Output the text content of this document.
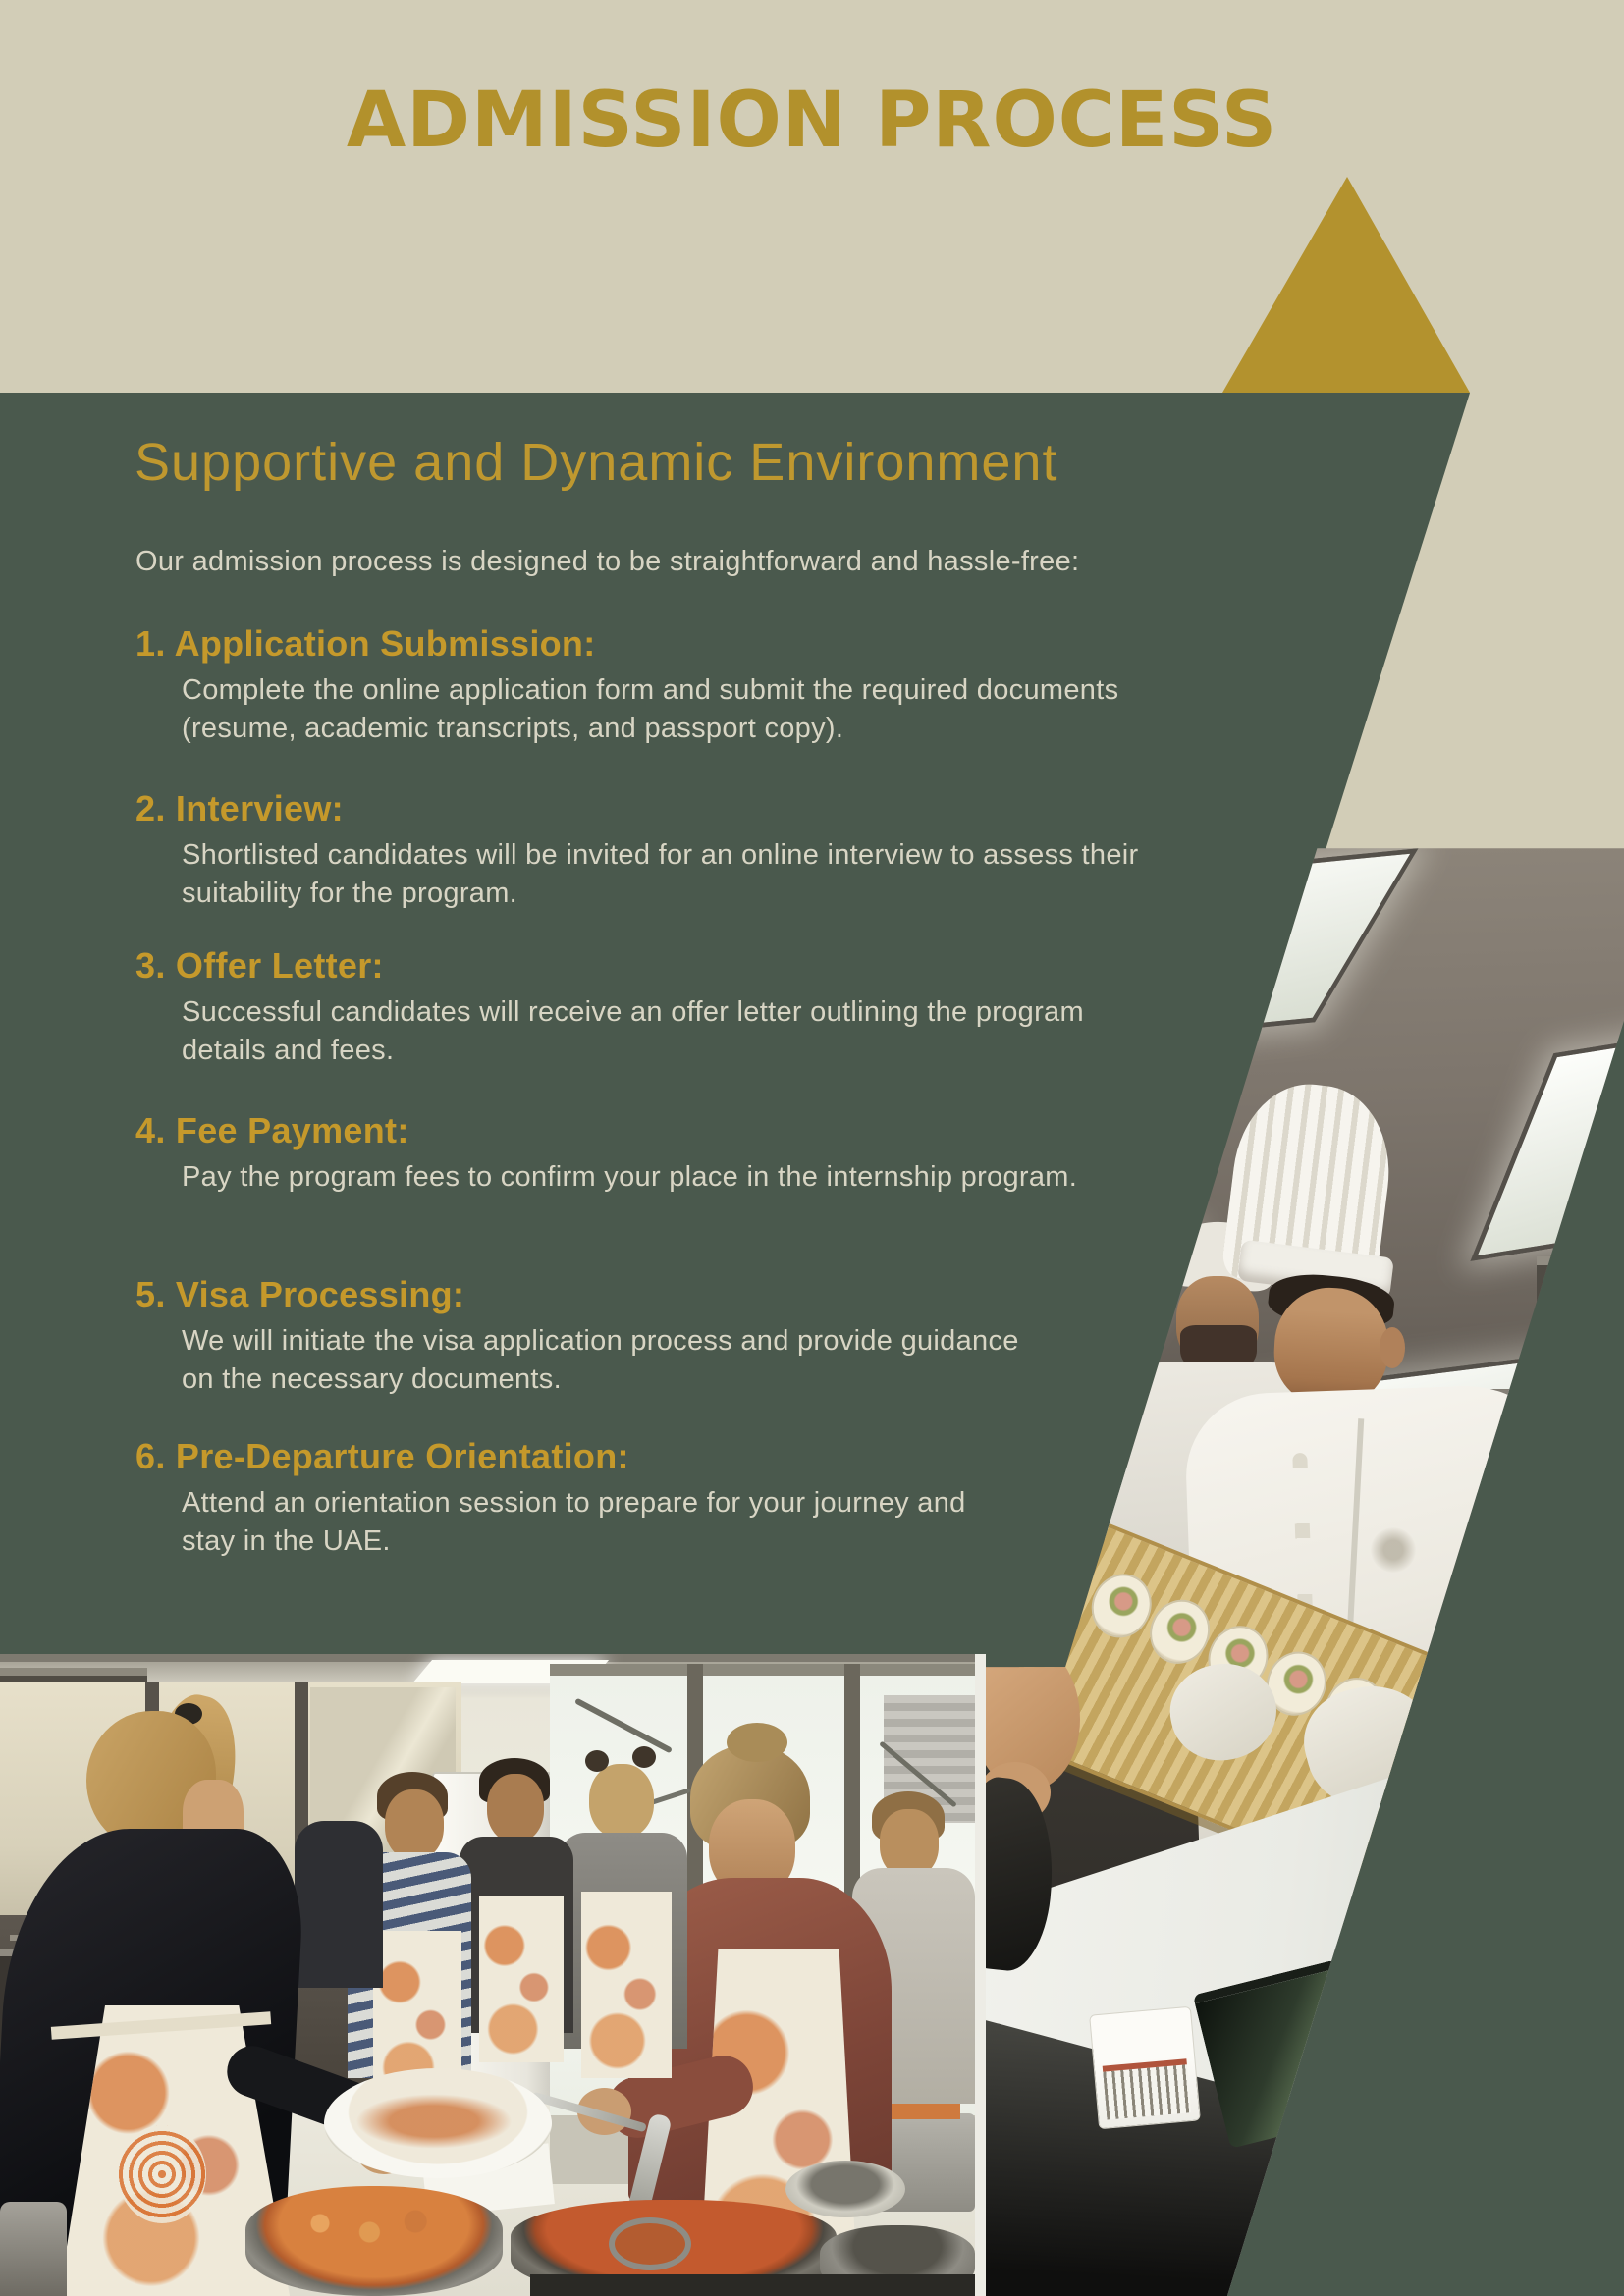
ADMISSION PROCESS
Supportive and Dynamic Environment

Our admission process is designed to be straightforward and hassle-free:

1. Application Submission:
Complete the online application form and submit the required documents
(resume, academic transcripts, and passport copy).
2. Interview:
Shortlisted candidates will be invited for an online interview to assess their
suitability for the program.
3. Offer Letter:
Successful candidates will receive an offer letter outlining the program
details and fees.
4. Fee Payment:
Pay the program fees to confirm your place in the internship program.
5. Visa Processing:
We will initiate the visa application process and provide guidance
on the necessary documents.
6. Pre-Departure Orientation:
Attend an orientation session to prepare for your journey and
stay in the UAE.
